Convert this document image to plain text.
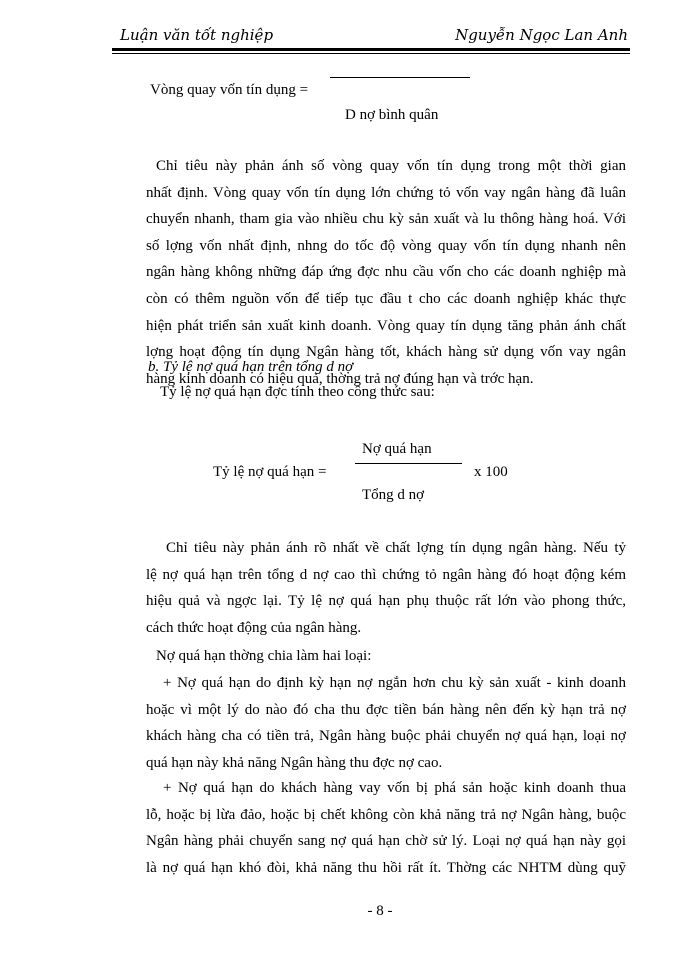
Luận văn tốt nghiệp	Nguyễn Ngọc Lan Anh
Vòng quay vốn tín dụng =
D nợ bình quân
Chỉ tiêu này phản ánh số vòng quay vốn tín dụng trong một thời gian
nhất định. Vòng quay vốn tín dụng lớn chứng tỏ vốn vay ngân hàng đã luân
chuyển nhanh, tham gia vào nhiều chu kỳ sản xuất và lu thông hàng hoá. Với
số lợng vốn nhất định, nhng do tốc độ vòng quay vốn tín dụng nhanh nên
ngân hàng không những đáp ứng đợc nhu cầu vốn cho các doanh nghiệp mà
còn có thêm nguồn vốn để tiếp tục đầu t cho các doanh nghiệp khác thực
hiện phát triển sản xuất kinh doanh. Vòng quay tín dụng tăng phản ánh chất
lợng hoạt động tín dụng Ngân hàng tốt, khách hàng sử dụng vốn vay ngân
hàng kinh doanh có hiệu quả, thờng trả nợ đúng hạn và trớc hạn.
b. Tỷ lệ nợ quá hạn trên tổng d nợ
Tỷ lệ nợ quá hạn đợc tính theo công thức sau:
Nợ quá hạn
Tỷ lệ nợ quá hạn =	x 100
Tổng d nợ
Chỉ tiêu này phản ánh rõ nhất về chất lợng tín dụng ngân hàng. Nếu tỷ
lệ nợ quá hạn trên tổng d nợ cao thì chứng tỏ ngân hàng đó hoạt động kém
hiệu quả và ngợc lại. Tỷ lệ nợ quá hạn phụ thuộc rất lớn vào phong thức,
cách thức hoạt động của ngân hàng.
Nợ quá hạn thờng chia làm hai loại:
+ Nợ quá hạn do định kỳ hạn nợ ngắn hơn chu kỳ sản xuất - kinh doanh
hoặc vì một lý do nào đó cha thu đợc tiền bán hàng nên đến kỳ hạn trả nợ
khách hàng cha có tiền trả, Ngân hàng buộc phải chuyển nợ quá hạn, loại nợ
quá hạn này khả năng Ngân hàng thu đợc nợ cao.
+ Nợ quá hạn do khách hàng vay vốn bị phá sản hoặc kinh doanh thua
lỗ, hoặc bị lừa đảo, hoặc bị chết không còn khả năng trả nợ Ngân hàng, buộc
Ngân hàng phải chuyển sang nợ quá hạn chờ sử lý. Loại nợ quá hạn này gọi
là nợ quá hạn khó đòi, khả năng thu hồi rất ít. Thờng các NHTM dùng quỹ
- 8 -
